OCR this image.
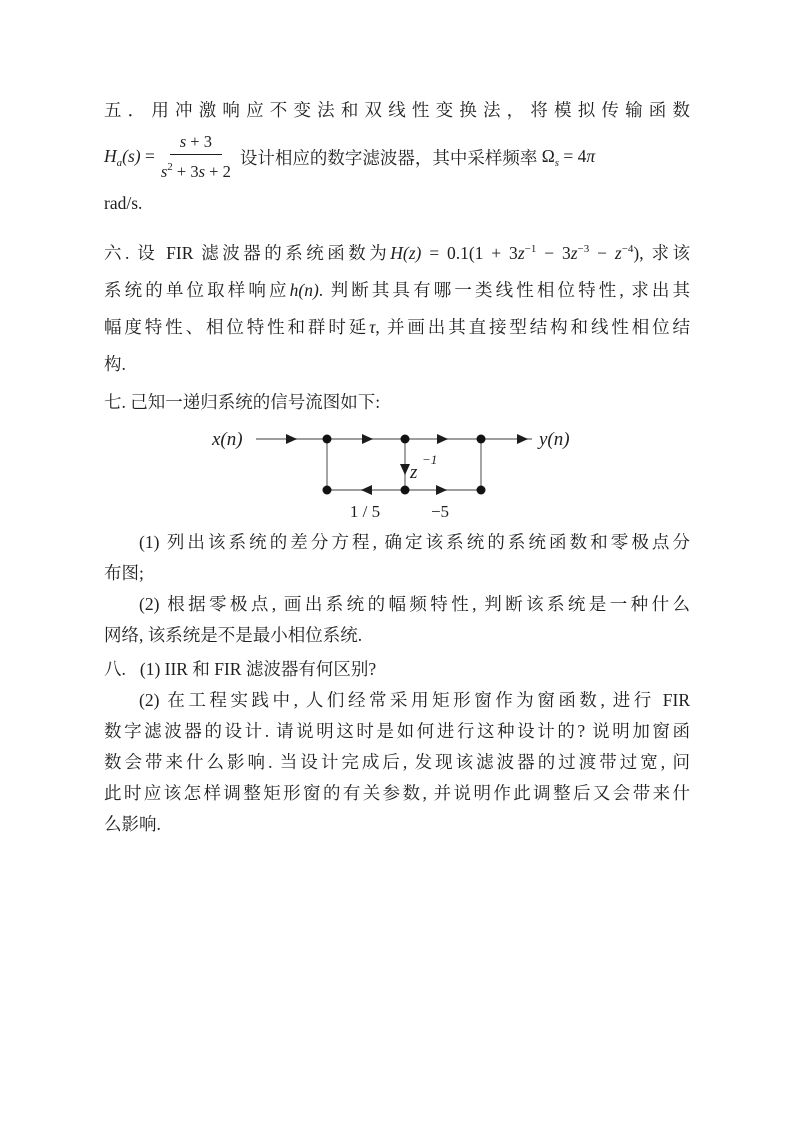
五．用冲激响应不变法和双线性变换法，将模拟传输函数
$H_a(s) = \frac{s + 3}{s^2 + 3s + 2}$ 设计相应的数字滤波器，其中采样频率 $\Omega_s = 4\pi$
rad/s.
六. 设 FIR 滤波器的系统函数为$H(z) = 0.1(1 + 3z^{-1} - 3z^{-3} - z^{-4})$, 求该
系统的单位取样响应h(n). 判断其具有哪一类线性相位特性, 求出其
幅度特性、相位特性和群时延τ, 并画出其直接型结构和线性相位结
构.
七. 己知一递归系统的信号流图如下:
x(n)	y(n)
z
−1
1 / 5	−5
(1) 列出该系统的差分方程, 确定该系统的系统函数和零极点分
布图;
(2) 根据零极点, 画出系统的幅频特性, 判断该系统是一种什么
网络, 该系统是不是最小相位系统.
八. (1) IIR 和 FIR 滤波器有何区别?
(2) 在工程实践中, 人们经常采用矩形窗作为窗函数, 进行 FIR
数字滤波器的设计. 请说明这时是如何进行这种设计的? 说明加窗函
数会带来什么影响. 当设计完成后, 发现该滤波器的过渡带过宽, 问
此时应该怎样调整矩形窗的有关参数, 并说明作此调整后又会带来什
么影响.
